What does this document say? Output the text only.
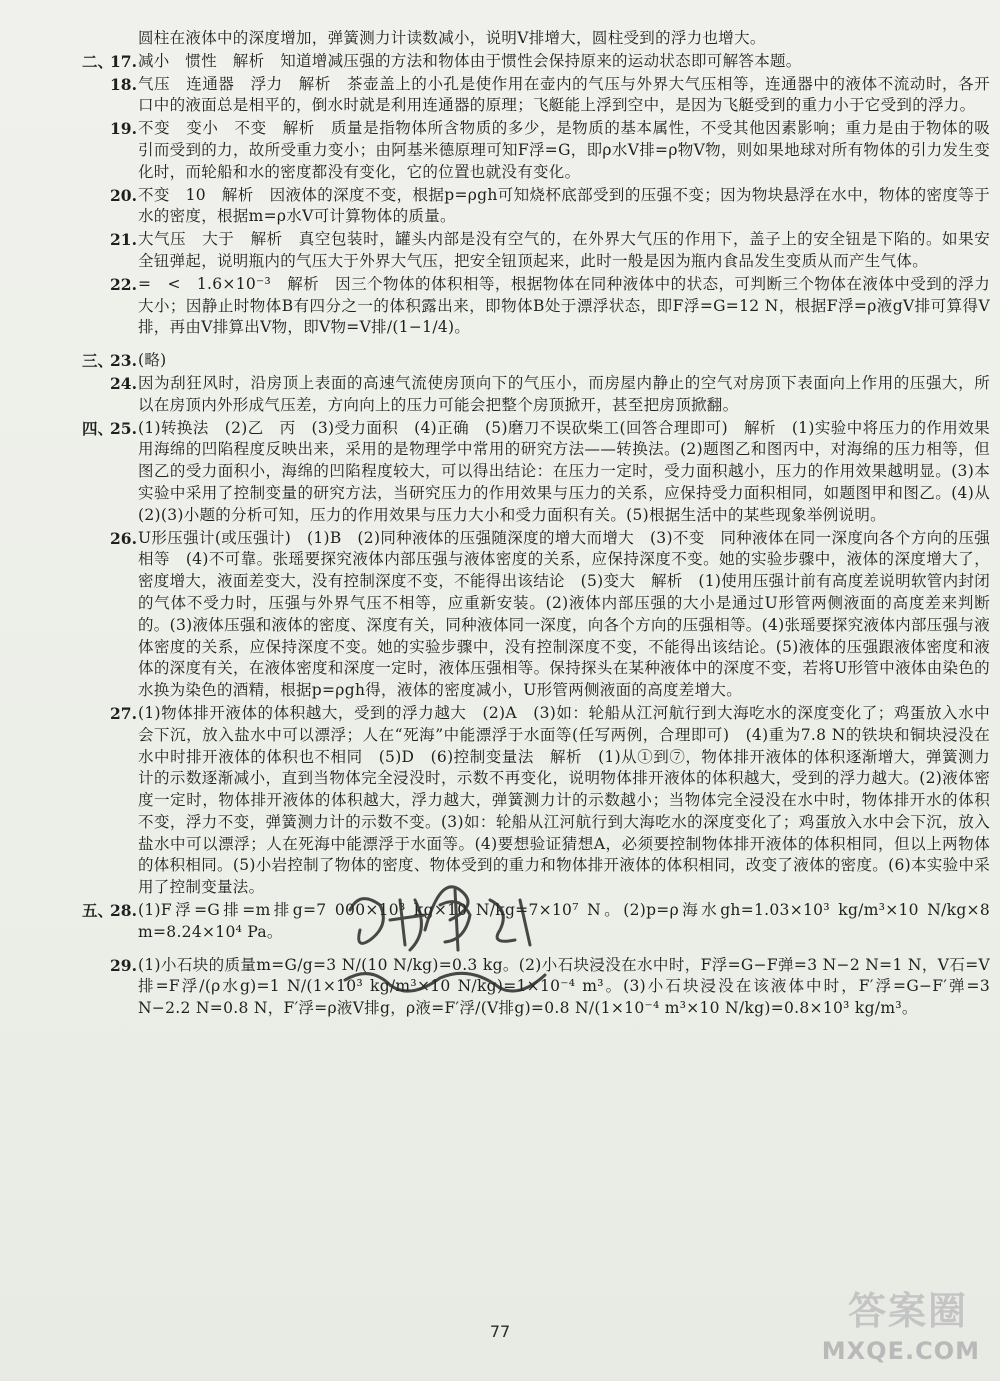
圆柱在液体中的深度增加，弹簧测力计读数减小，说明V排增大，圆柱受到的浮力也增大。
二、
17. 减小　惯性　解析　知道增减压强的方法和物体由于惯性会保持原来的运动状态即可解答本题。
18. 气压　连通器　浮力　解析　茶壶盖上的小孔是使作用在壶内的气压与外界大气压相等，连通器中的液体不流动时，各开口中的液面总是相平的，倒水时就是利用连通器的原理；飞艇能上浮到空中，是因为飞艇受到的重力小于它受到的浮力。
19. 不变　变小　不变　解析　质量是指物体所含物质的多少，是物质的基本属性，不受其他因素影响；重力是由于物体的吸引而受到的力，故所受重力变小；由阿基米德原理可知F浮=G，即ρ水V排=ρ物V物，则如果地球对所有物体的引力发生变化时，而轮船和水的密度都没有变化，它的位置也就没有变化。
20. 不变　10　解析　因液体的深度不变，根据p=ρgh可知烧杯底部受到的压强不变；因为物块悬浮在水中，物体的密度等于水的密度，根据m=ρ水V可计算物体的质量。
21. 大气压　大于　解析　真空包装时，罐头内部是没有空气的，在外界大气压的作用下，盖子上的安全钮是下陷的。如果安全钮弹起，说明瓶内的气压大于外界大气压，把安全钮顶起来，此时一般是因为瓶内食品发生变质从而产生气体。
22. =　<　1.6×10⁻³　解析　因三个物体的体积相等，根据物体在同种液体中的状态，可判断三个物体在液体中受到的浮力大小；因静止时物体B有四分之一的体积露出来，即物体B处于漂浮状态，即F浮=G=12 N，根据F浮=ρ液gV排可算得V排，再由V排算出V物，即V物=V排/(1−1/4)。
三、
23. (略)
24. 因为刮狂风时，沿房顶上表面的高速气流使房顶向下的气压小，而房屋内静止的空气对房顶下表面向上作用的压强大，所以在房顶内外形成气压差，方向向上的压力可能会把整个房顶掀开，甚至把房顶掀翻。
四、
25. (1)转换法　(2)乙　丙　(3)受力面积　(4)正确　(5)磨刀不误砍柴工(回答合理即可)　解析　(1)实验中将压力的作用效果用海绵的凹陷程度反映出来，采用的是物理学中常用的研究方法——转换法。(2)题图乙和图丙中，对海绵的压力相等，但图乙的受力面积小，海绵的凹陷程度较大，可以得出结论：在压力一定时，受力面积越小，压力的作用效果越明显。(3)本实验中采用了控制变量的研究方法，当研究压力的作用效果与压力的关系，应保持受力面积相同，如题图甲和图乙。(4)从(2)(3)小题的分析可知，压力的作用效果与压力大小和受力面积有关。(5)根据生活中的某些现象举例说明。
26. U形压强计(或压强计)　(1)B　(2)同种液体的压强随深度的增大而增大　(3)不变　同种液体在同一深度向各个方向的压强相等　(4)不可靠。张瑶要探究液体内部压强与液体密度的关系，应保持深度不变。她的实验步骤中，液体的深度增大了，密度增大，液面差变大，没有控制深度不变，不能得出该结论　(5)变大　解析　(1)使用压强计前有高度差说明软管内封闭的气体不受力时，压强与外界气压不相等，应重新安装。(2)液体内部压强的大小是通过U形管两侧液面的高度差来判断的。(3)液体压强和液体的密度、深度有关，同种液体同一深度，向各个方向的压强相等。(4)张瑶要探究液体内部压强与液体密度的关系，应保持深度不变。她的实验步骤中，没有控制深度不变，不能得出该结论。(5)液体的压强跟液体密度和液体的深度有关，在液体密度和深度一定时，液体压强相等。保持探头在某种液体中的深度不变，若将U形管中液体由染色的水换为染色的酒精，根据p=ρgh得，液体的密度减小，U形管两侧液面的高度差增大。
27. (1)物体排开液体的体积越大，受到的浮力越大　(2)A　(3)如：轮船从江河航行到大海吃水的深度变化了；鸡蛋放入水中会下沉，放入盐水中可以漂浮；人在“死海”中能漂浮于水面等(任写两例，合理即可)　(4)重为7.8 N的铁块和铜块浸没在水中时排开液体的体积也不相同　(5)D　(6)控制变量法　解析　(1)从①到⑦，物体排开液体的体积逐渐增大，弹簧测力计的示数逐渐减小，直到当物体完全浸没时，示数不再变化，说明物体排开液体的体积越大，受到的浮力越大。(2)液体密度一定时，物体排开液体的体积越大，浮力越大，弹簧测力计的示数越小；当物体完全浸没在水中时，物体排开水的体积不变，浮力不变，弹簧测力计的示数不变。(3)如：轮船从江河航行到大海吃水的深度变化了；鸡蛋放入水中会下沉，放入盐水中可以漂浮；人在死海中能漂浮于水面等。(4)要想验证猜想A，必须要控制物体排开液体的体积相同，但以上两物体的体积相同。(5)小岩控制了物体的密度、物体受到的重力和物体排开液体的体积相同，改变了液体的密度。(6)本实验中采用了控制变量法。
五、
28. (1)F浮=G排=m排g=7 000×10³ kg×10 N/kg=7×10⁷ N。(2)p=ρ海水gh=1.03×10³ kg/m³×10 N/kg×8 m=8.24×10⁴ Pa。
29. (1)小石块的质量m=G/g=3 N/(10 N/kg)=0.3 kg。(2)小石块浸没在水中时，F浮=G−F弹=3 N−2 N=1 N，V石=V排=F浮/(ρ水g)=1 N/(1×10³ kg/m³×10 N/kg)=1×10⁻⁴ m³。(3)小石块浸没在该液体中时，F′浮=G−F′弹=3 N−2.2 N=0.8 N，F′浮=ρ液V排g，ρ液=F′浮/(V排g)=0.8 N/(1×10⁻⁴ m³×10 N/kg)=0.8×10³ kg/m³。
77	答案圈
MXQE.COM
